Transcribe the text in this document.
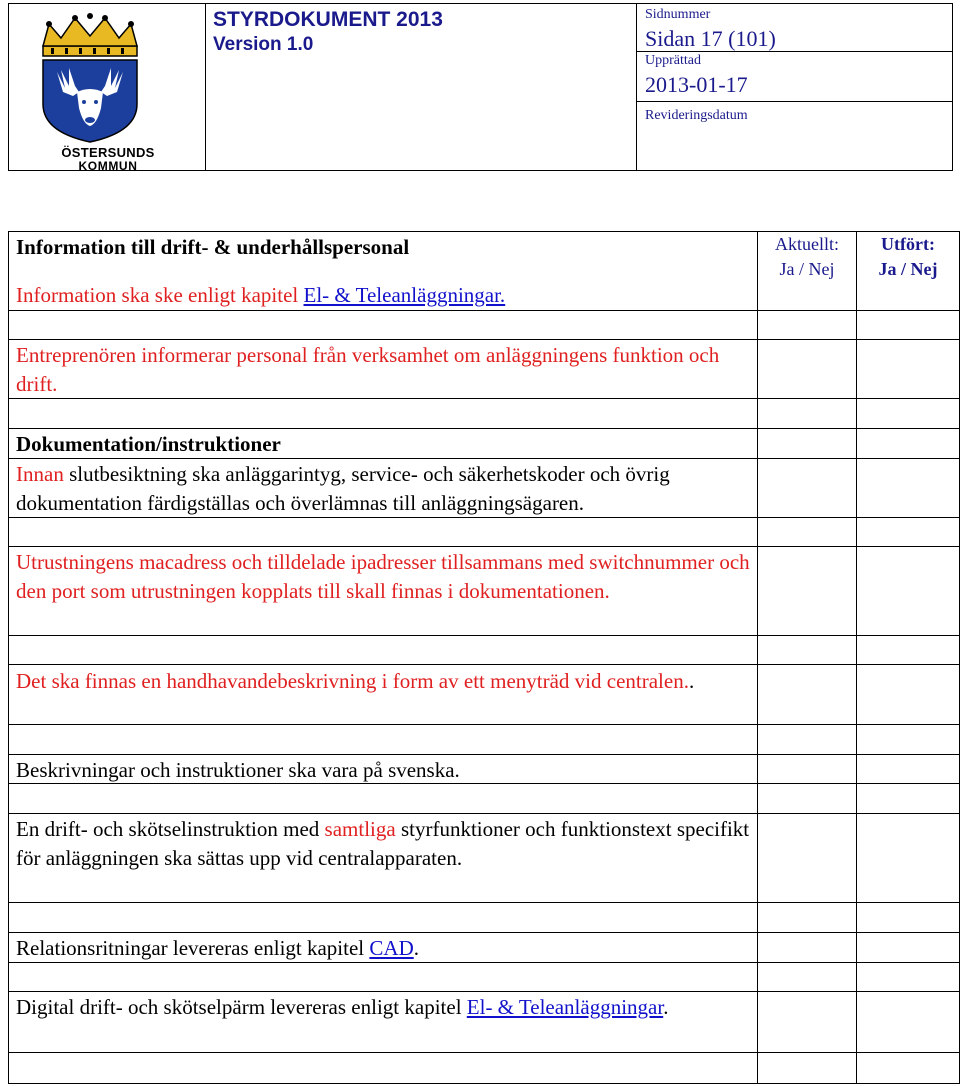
ÖSTERSUNDS
KOMMUN
STYRDOKUMENT 2013
Version 1.0
Sidnummer
Sidan 17 (101)
Upprättad
2013-01-17
Revideringsdatum
Aktuellt:
Ja / Nej
Utfört:
Ja / Nej
Information till drift- & underhållspersonal
Information ska ske enligt kapitel El- & Teleanläggningar.
Entreprenören informerar personal från verksamhet om anläggningens funktion och drift.
Dokumentation/instruktioner
Innan slutbesiktning ska anläggarintyg, service- och säkerhetskoder och övrig dokumentation färdigställas och överlämnas till anläggningsägaren.
Utrustningens macadress och tilldelade ipadresser tillsammans med switchnummer och den port som utrustningen kopplats till skall finnas i dokumentationen.
Det ska finnas en handhavandebeskrivning i form av ett menyträd vid centralen..
Beskrivningar och instruktioner ska vara på svenska.
En drift- och skötselinstruktion med samtliga styrfunktioner och funktionstext specifikt för anläggningen ska sättas upp vid centralapparaten.
Relationsritningar levereras enligt kapitel CAD.
Digital drift- och skötselpärm levereras enligt kapitel El- & Teleanläggningar.
